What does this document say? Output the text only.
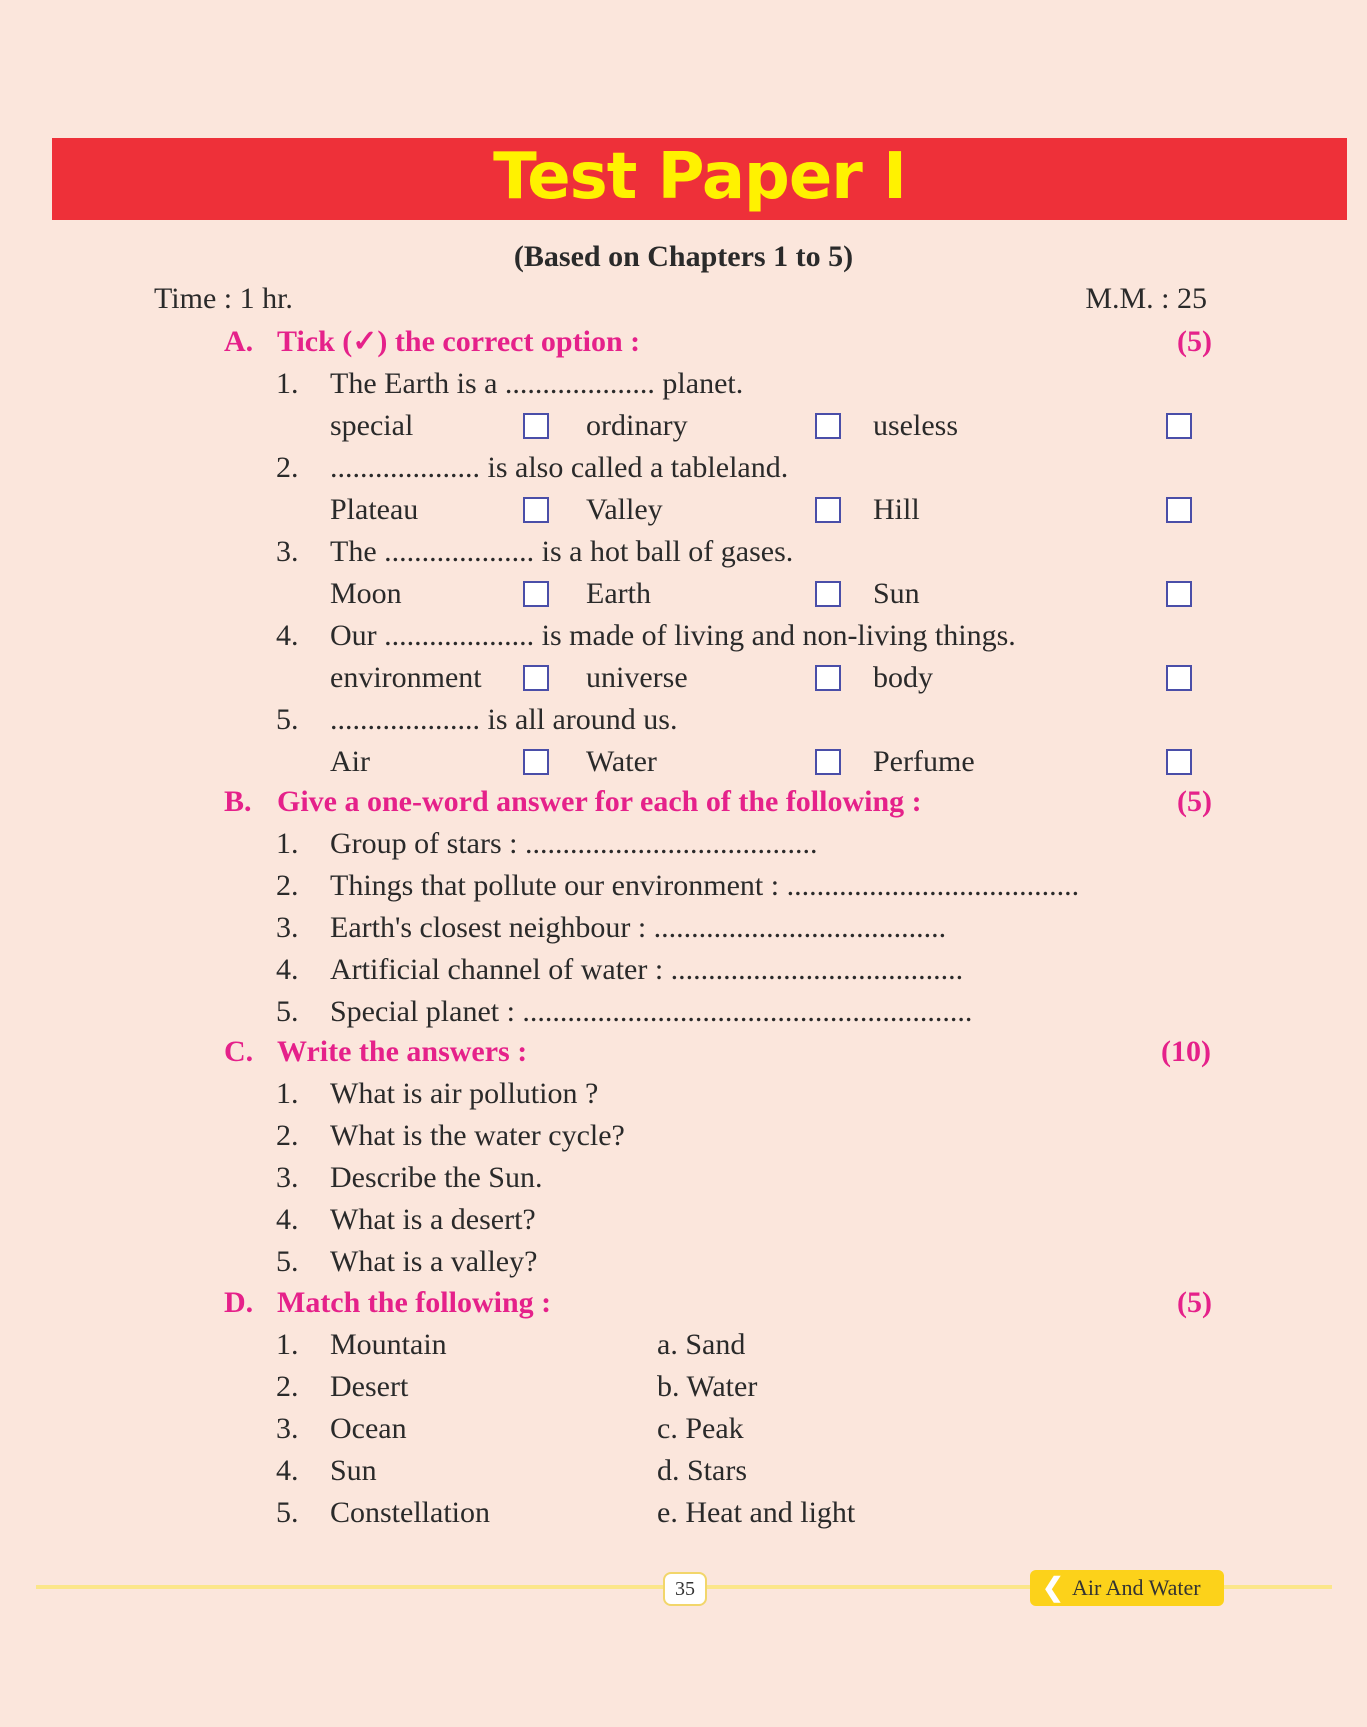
Test Paper I
(Based on Chapters 1 to 5)
Time : 1 hr.	M.M. : 25
A. Tick (✓) the correct option :	(5)
1. The Earth is a .................... planet.
special	ordinary	useless
2. .................... is also called a tableland.
Plateau	Valley	Hill
3. The .................... is a hot ball of gases.
Moon	Earth	Sun
4. Our .................... is made of living and non-living things.
environment	universe	body
5. .................... is all around us.
Air	Water	Perfume
B. Give a one-word answer for each of the following :	(5)
1. Group of stars : .......................................
2. Things that pollute our environment : .......................................
3. Earth's closest neighbour : .......................................
4. Artificial channel of water : .......................................
5. Special planet : ............................................................
C. Write the answers :	(10)
1. What is air pollution ?
2. What is the water cycle?
3. Describe the Sun.
4. What is a desert?
5. What is a valley?
D. Match the following :	(5)
1. Mountain	a. Sand
2. Desert	b. Water
3. Ocean	c. Peak
4. Sun	d. Stars
5. Constellation	e. Heat and light
35	❮ Air And Water
